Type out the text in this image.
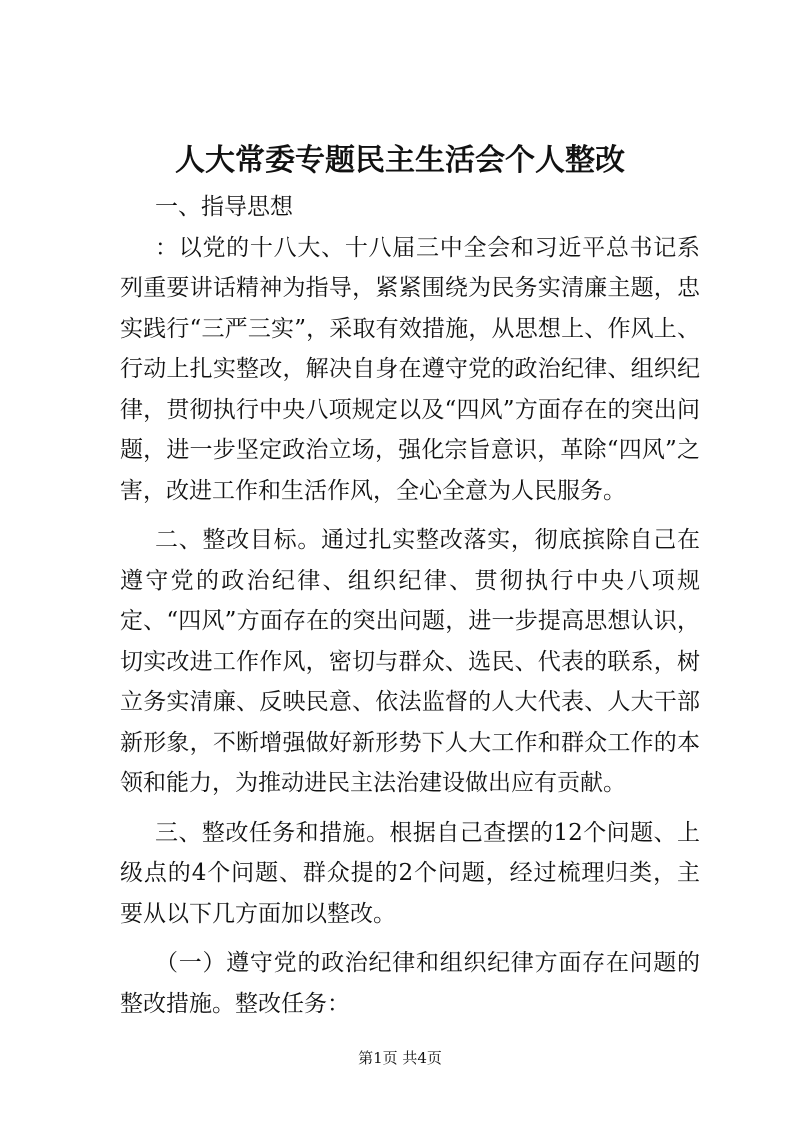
人大常委专题民主生活会个人整改

一、指导思想

：以党的十八大、十八届三中全会和习近平总书记系列重要讲话精神为指导，紧紧围绕为民务实清廉主题，忠实践行“三严三实”，采取有效措施，从思想上、作风上、行动上扎实整改，解决自身在遵守党的政治纪律、组织纪律，贯彻执行中央八项规定以及“四风”方面存在的突出问题，进一步坚定政治立场，强化宗旨意识，革除“四风”之害，改进工作和生活作风，全心全意为人民服务。

二、整改目标。通过扎实整改落实，彻底摈除自己在遵守党的政治纪律、组织纪律、贯彻执行中央八项规定、“四风”方面存在的突出问题，进一步提高思想认识，切实改进工作作风，密切与群众、选民、代表的联系，树立务实清廉、反映民意、依法监督的人大代表、人大干部新形象，不断增强做好新形势下人大工作和群众工作的本领和能力，为推动进民主法治建设做出应有贡献。

三、整改任务和措施。根据自己查摆的12个问题、上级点的4个问题、群众提的2个问题，经过梳理归类，主要从以下几方面加以整改。

（一）遵守党的政治纪律和组织纪律方面存在问题的整改措施。整改任务：

第1页 共4页
